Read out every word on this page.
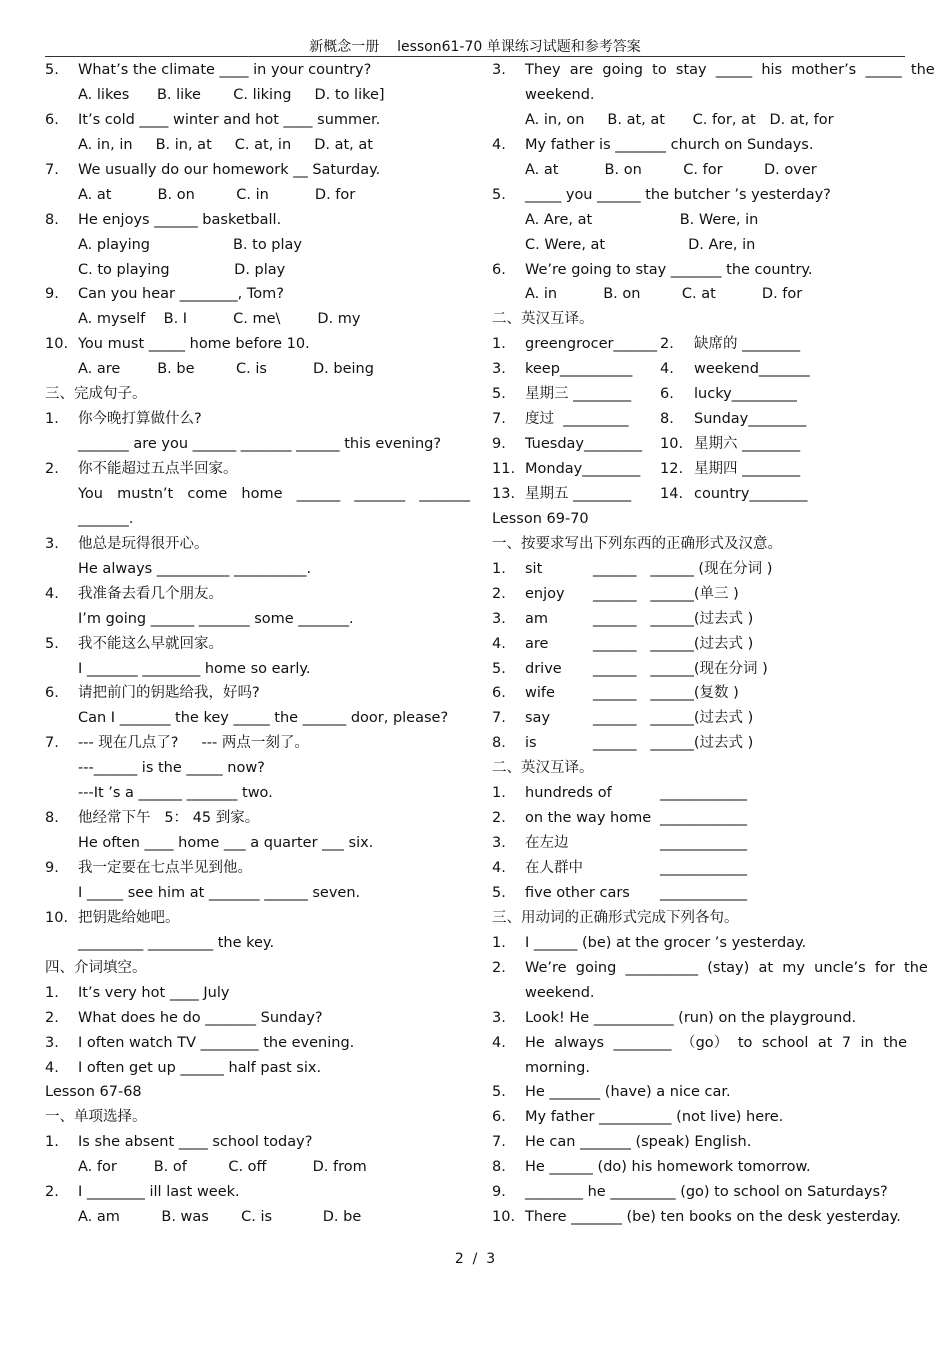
新概念一册    lesson61-70 单课练习试题和参考答案
5. What’s the climate ____ in your country?
A. likes      B. like       C. liking     D. to like]
6. It’s cold ____ winter and hot ____ summer.
A. in, in     B. in, at     C. at, in     D. at, at
7. We usually do our homework __ Saturday.
A. at          B. on         C. in          D. for
8. He enjoys ______ basketball.
A. playing                  B. to play
C. to playing              D. play
9. Can you hear ________, Tom?
A. myself    B. I          C. me\        D. my
10. You must _____ home before 10.
A. are        B. be         C. is          D. being
三、完成句子。
1. 你今晚打算做什么?
_______ are you ______ _______ ______ this evening?
2. 你不能超过五点半回家。
You  mustn’t  come  home  ______  _______  _______
_______.
3. 他总是玩得很开心。
He always __________ __________.
4. 我准备去看几个朋友。
I’m going ______ _______ some _______.
5. 我不能这么早就回家。
I _______ ________ home so early.
6. 请把前门的钥匙给我，好吗?
Can I _______ the key _____ the ______ door, please?
7. --- 现在几点了?     --- 两点一刻了。
---______ is the _____ now?
---It ’s a ______ _______ two.
8. 他经常下午   5： 45 到家。
He often ____ home ___ a quarter ___ six.
9. 我一定要在七点半见到他。
I _____ see him at _______ ______ seven.
10. 把钥匙给她吧。
_________ _________ the key.
四、介词填空。
1. It’s very hot ____ July
2. What does he do _______ Sunday?
3. I often watch TV ________ the evening.
4. I often get up ______ half past six.
Lesson 67-68
一、单项选择。
1. Is she absent ____ school today?
A. for        B. of         C. off          D. from
2. I ________ ill last week.
A. am         B. was       C. is           D. be
3. They  are  going  to  stay  _____  his  mother’s  _____  the
weekend.
A. in, on     B. at, at      C. for, at   D. at, for
4. My father is _______ church on Sundays.
A. at          B. on         C. for         D. over
5. _____ you ______ the butcher ’s yesterday?
A. Are, at                   B. Were, in
C. Were, at                  D. Are, in
6. We’re going to stay _______ the country.
A. in          B. on         C. at          D. for
二、英汉互译。
1. greengrocer______ 2. 缺席的 ________
3. keep__________ 4. weekend_______
5. 星期三 ________ 6. lucky_________
7. 度过  _________ 8. Sunday________
9. Tuesday________ 10. 星期六 ________
11. Monday________ 12. 星期四 ________
13. 星期五 ________ 14. country________
Lesson 69-70
一、按要求写出下列东西的正确形式及汉意。
1. sit	______   ______ (现在分词 )
2. enjoy ______   ______(单三 )
3. am	______   ______(过去式 )
4. are	______   ______(过去式 )
5. drive ______   ______(现在分词 )
6. wife	______   ______(复数 )
7. say	______   ______(过去式 )
8. is	______   ______(过去式 )
二、英汉互译。
1. hundreds of	____________
2. on the way home ____________
3. 在左边	____________
4. 在人群中	____________
5. five other cars ____________
三、用动词的正确形式完成下列各句。
1. I ______ (be) at the grocer ’s yesterday.
2. We’re  going  __________  (stay)  at  my  uncle’s  for  the
weekend.
3. Look! He ___________ (run) on the playground.
4. He  always  ________  （go）  to  school  at  7  in  the
morning.
5. He _______ (have) a nice car.
6. My father __________ (not live) here.
7. He can _______ (speak) English.
8. He ______ (do) his homework tomorrow.
9. ________ he _________ (go) to school on Saturdays?
10. There _______ (be) ten books on the desk yesterday.
2  /  3
